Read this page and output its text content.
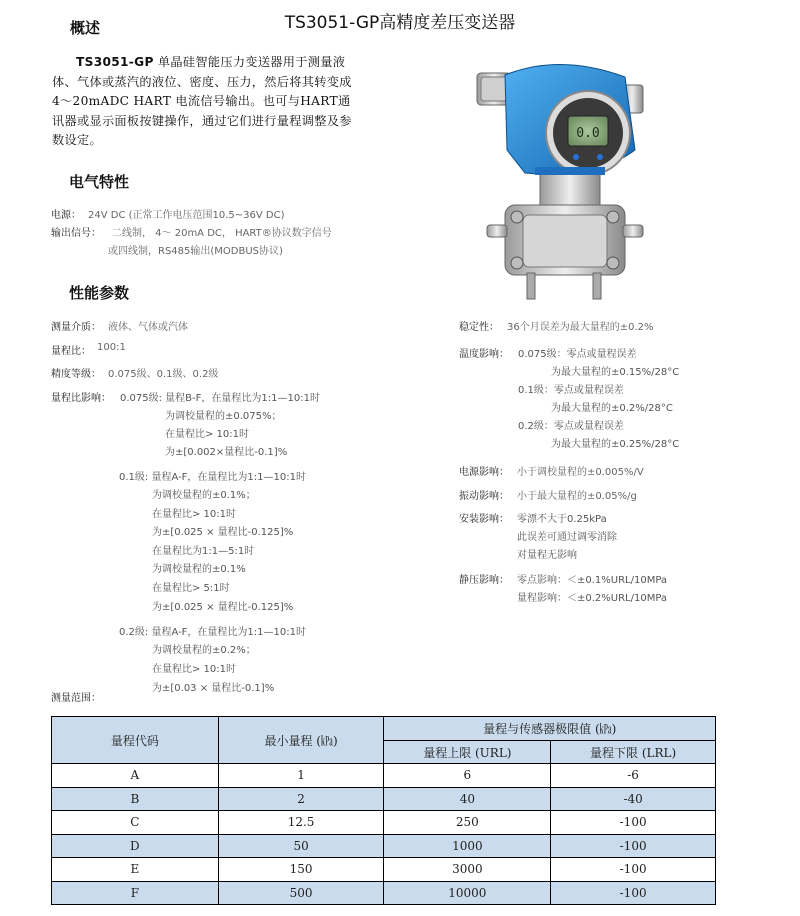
TS3051-GP高精度差压变送器
概述
TS3051-GP 单晶硅智能压力变送器用于测量液体、气体或蒸汽的液位、密度、压力，然后将其转变成4～20mADC HART 电流信号输出。也可与HART通讯器或显示面板按键操作，通过它们进行量程调整及参数设定。
电气特性
电源： 24V DC (正常工作电压范围10.5~36V DC)
输出信号： 二线制， 4～ 20mA DC， HART®协议数字信号
或四线制，RS485输出(MODBUS协议)
性能参数
测量介质： 液体、气体或汽体
量程比： 100:1
精度等级： 0.075级、0.1级、0.2级
量程比影响： 0.075级: 量程B-F，在量程比为1:1—10:1时
为调校量程的±0.075%；
在量程比> 10:1时
为±[0.002×量程比-0.1]%
0.1级: 量程A-F，在量程比为1:1—10:1时
为调校量程的±0.1%；
在量程比> 10:1时
为±[0.025 × 量程比-0.125]%
在量程比为1:1—5:1时
为调校量程的±0.1%
在量程比> 5:1时
为±[0.025 × 量程比-0.125]%
0.2级: 量程A-F，在量程比为1:1—10:1时
为调校量程的±0.2%；
在量程比> 10:1时
为±[0.03 × 量程比-0.1]%
测量范围：
稳定性： 36个月误差为最大量程的±0.2%
温度影响： 0.075级：零点或量程误差
为最大量程的±0.15%/28°C
0.1级：零点或量程误差
为最大量程的±0.2%/28°C
0.2级：零点或量程误差
为最大量程的±0.25%/28°C
电源影响： 小于调校量程的±0.005%/V
振动影响： 小于最大量程的±0.05%/g
安装影响： 零漂不大于0.25kPa
此误差可通过调零消除
对量程无影响
静压影响： 零点影响：＜±0.1%URL/10MPa
量程影响：＜±0.2%URL/10MPa
0.0
量程代码	最小量程 (㎪)	量程与传感器极限值 (㎪)	
		量程上限 (URL)	量程下限 (LRL)
A	1	6	-6
B	2	40	-40
C	12.5	250	-100
D	50	1000	-100
E	150	3000	-100
F	500	10000	-100
